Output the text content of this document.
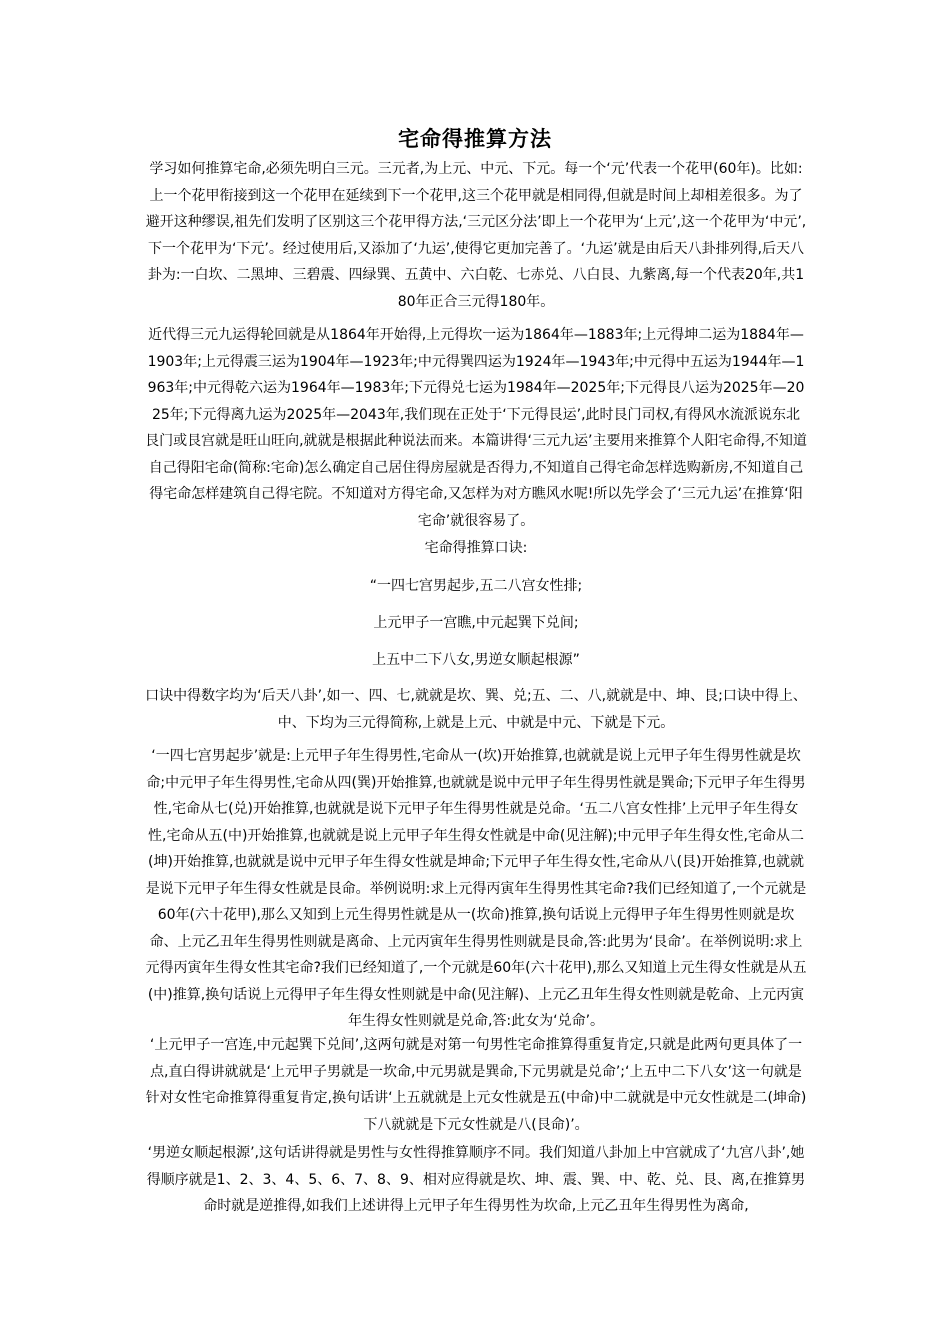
宅命得推算方法

学习如何推算宅命,必须先明白三元。三元者,为上元、中元、下元。每一个‘元’代表一个花甲(60年)。比如:上一个花甲衔接到这一个花甲在延续到下一个花甲,这三个花甲就是相同得,但就是时间上却相差很多。为了避开这种缪误,祖先们发明了区别这三个花甲得方法,‘三元区分法’即上一个花甲为‘上元’,这一个花甲为‘中元’,下一个花甲为‘下元’。经过使用后,又添加了‘九运’,使得它更加完善了。‘九运’就是由后天八卦排列得,后天八卦为:一白坎、二黑坤、三碧震、四绿巽、五黄中、六白乾、七赤兑、八白艮、九紫离,每一个代表20年,共180年正合三元得180年。

近代得三元九运得轮回就是从1864年开始得,上元得坎一运为1864年—1883年;上元得坤二运为1884年—1903年;上元得震三运为1904年—1923年;中元得巽四运为1924年—1943年;中元得中五运为1944年—1963年;中元得乾六运为1964年—1983年;下元得兑七运为1984年—2025年;下元得艮八运为2025年—2025年;下元得离九运为2025年—2043年,我们现在正处于‘下元得艮运’,此时艮门司权,有得风水流派说东北艮门或艮宫就是旺山旺向,就就是根据此种说法而来。本篇讲得‘三元九运’主要用来推算个人阳宅命得,不知道自己得阳宅命(简称:宅命)怎么确定自己居住得房屋就是否得力,不知道自己得宅命怎样选购新房,不知道自己得宅命怎样建筑自己得宅院。不知道对方得宅命,又怎样为对方瞧风水呢!所以先学会了‘三元九运’在推算‘阳宅命’就很容易了。

宅命得推算口诀:

“一四七宫男起步,五二八宫女性排;

上元甲子一宫瞧,中元起巽下兑间;

上五中二下八女,男逆女顺起根源”

口诀中得数字均为‘后天八卦’,如一、四、七,就就是坎、巽、兑;五、二、八,就就是中、坤、艮;口诀中得上、中、下均为三元得简称,上就是上元、中就是中元、下就是下元。

‘一四七宫男起步’就是:上元甲子年生得男性,宅命从一(坎)开始推算,也就就是说上元甲子年生得男性就是坎命;中元甲子年生得男性,宅命从四(巽)开始推算,也就就是说中元甲子年生得男性就是巽命;下元甲子年生得男性,宅命从七(兑)开始推算,也就就是说下元甲子年生得男性就是兑命。‘五二八宫女性排’上元甲子年生得女性,宅命从五(中)开始推算,也就就是说上元甲子年生得女性就是中命(见注解);中元甲子年生得女性,宅命从二(坤)开始推算,也就就是说中元甲子年生得女性就是坤命;下元甲子年生得女性,宅命从八(艮)开始推算,也就就是说下元甲子年生得女性就是艮命。举例说明:求上元得丙寅年生得男性其宅命?我们已经知道了,一个元就是60年(六十花甲),那么又知到上元生得男性就是从一(坎命)推算,换句话说上元得甲子年生得男性则就是坎命、上元乙丑年生得男性则就是离命、上元丙寅年生得男性则就是艮命,答:此男为‘艮命’。在举例说明:求上元得丙寅年生得女性其宅命?我们已经知道了,一个元就是60年(六十花甲),那么又知道上元生得女性就是从五(中)推算,换句话说上元得甲子年生得女性则就是中命(见注解)、上元乙丑年生得女性则就是乾命、上元丙寅年生得女性则就是兑命,答:此女为‘兑命’。

‘上元甲子一宫连,中元起巽下兑间’,这两句就是对第一句男性宅命推算得重复肯定,只就是此两句更具体了一点,直白得讲就就是‘上元甲子男就是一坎命,中元男就是巽命,下元男就是兑命’;‘上五中二下八女’这一句就是针对女性宅命推算得重复肯定,换句话讲‘上五就就是上元女性就是五(中命)中二就就是中元女性就是二(坤命)下八就就是下元女性就是八(艮命)’。

‘男逆女顺起根源’,这句话讲得就是男性与女性得推算顺序不同。我们知道八卦加上中宫就成了‘九宫八卦’,她得顺序就是1、2、3、4、5、6、7、8、9、相对应得就是坎、坤、震、巽、中、乾、兑、艮、离,在推算男命时就是逆推得,如我们上述讲得上元甲子年生得男性为坎命,上元乙丑年生得男性为离命,
